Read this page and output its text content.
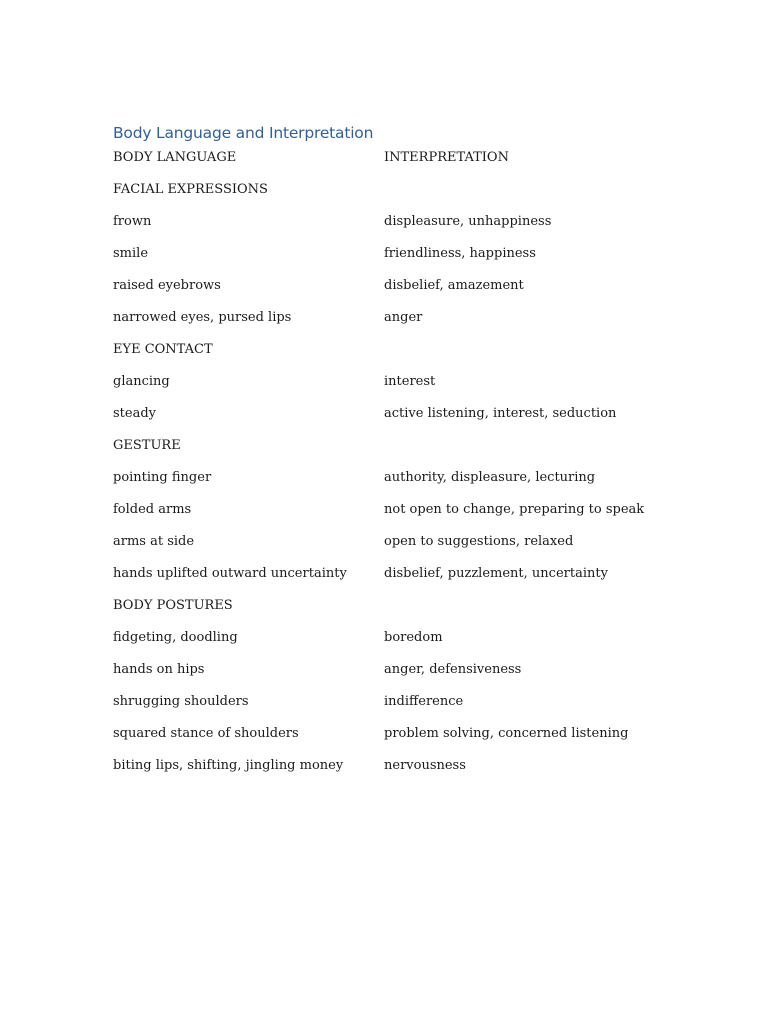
Body Language and Interpretation
BODY LANGUAGE	INTERPRETATION
FACIAL EXPRESSIONS
frown	displeasure, unhappiness
smile	friendliness, happiness
raised eyebrows	disbelief, amazement
narrowed eyes, pursed lips	anger
EYE CONTACT
glancing	interest
steady	active listening, interest, seduction
GESTURE
pointing finger	authority, displeasure, lecturing
folded arms	not open to change, preparing to speak
arms at side	open to suggestions, relaxed
hands uplifted outward uncertainty	disbelief, puzzlement, uncertainty
BODY POSTURES
fidgeting, doodling	boredom
hands on hips	anger, defensiveness
shrugging shoulders	indifference
squared stance of shoulders	problem solving, concerned listening
biting lips, shifting, jingling money	nervousness
